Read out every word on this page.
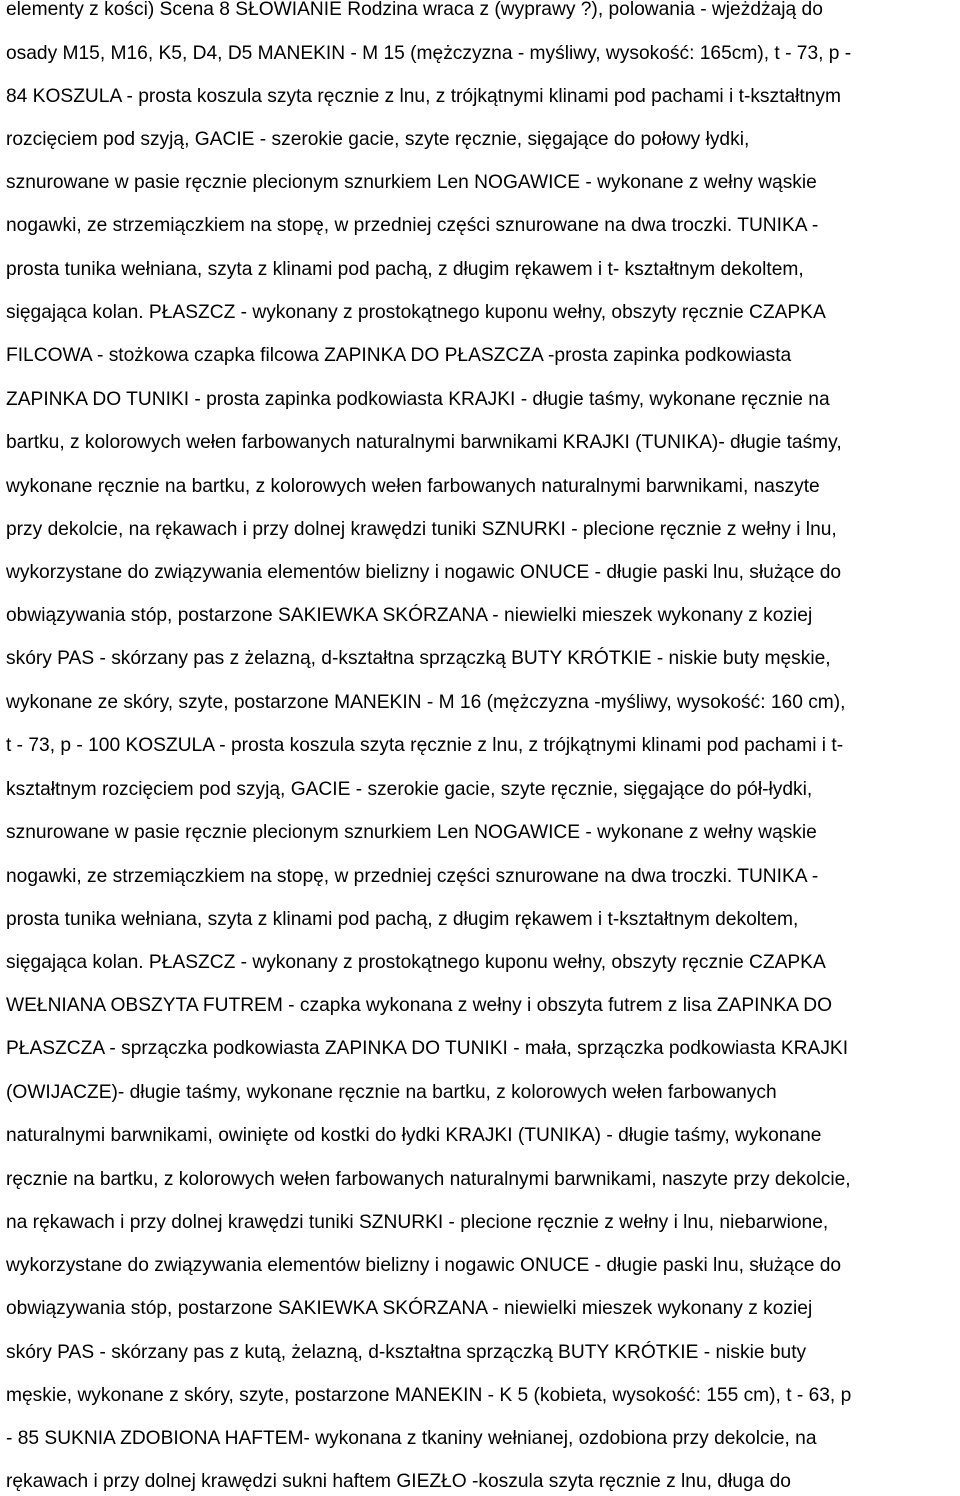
elementy z kości) Scena 8 SŁOWIANIE Rodzina wraca z (wyprawy ?), polowania - wjeżdżają do
osady M15, M16, K5, D4, D5 MANEKIN - M 15 (mężczyzna - myśliwy, wysokość: 165cm), t - 73, p -
84 KOSZULA - prosta koszula szyta ręcznie z lnu, z trójkątnymi klinami pod pachami i t-kształtnym
rozcięciem pod szyją, GACIE - szerokie gacie, szyte ręcznie, sięgające do połowy łydki,
sznurowane w pasie ręcznie plecionym sznurkiem Len NOGAWICE - wykonane z wełny wąskie
nogawki, ze strzemiączkiem na stopę, w przedniej części sznurowane na dwa troczki. TUNIKA -
prosta tunika wełniana, szyta z klinami pod pachą, z długim rękawem i t- kształtnym dekoltem,
sięgająca kolan. PŁASZCZ - wykonany z prostokątnego kuponu wełny, obszyty ręcznie CZAPKA
FILCOWA - stożkowa czapka filcowa ZAPINKA DO PŁASZCZA -prosta zapinka podkowiasta
ZAPINKA DO TUNIKI - prosta zapinka podkowiasta KRAJKI - długie taśmy, wykonane ręcznie na
bartku, z kolorowych wełen farbowanych naturalnymi barwnikami KRAJKI (TUNIKA)- długie taśmy,
wykonane ręcznie na bartku, z kolorowych wełen farbowanych naturalnymi barwnikami, naszyte
przy dekolcie, na rękawach i przy dolnej krawędzi tuniki SZNURKI - plecione ręcznie z wełny i lnu,
wykorzystane do związywania elementów bielizny i nogawic ONUCE - długie paski lnu, służące do
obwiązywania stóp, postarzone SAKIEWKA SKÓRZANA - niewielki mieszek wykonany z koziej
skóry PAS - skórzany pas z żelazną, d-kształtna sprzączką BUTY KRÓTKIE - niskie buty męskie,
wykonane ze skóry, szyte, postarzone MANEKIN - M 16 (mężczyzna -myśliwy, wysokość: 160 cm),
t - 73, p - 100 KOSZULA - prosta koszula szyta ręcznie z lnu, z trójkątnymi klinami pod pachami i t-
kształtnym rozcięciem pod szyją, GACIE - szerokie gacie, szyte ręcznie, sięgające do pół-łydki,
sznurowane w pasie ręcznie plecionym sznurkiem Len NOGAWICE - wykonane z wełny wąskie
nogawki, ze strzemiączkiem na stopę, w przedniej części sznurowane na dwa troczki. TUNIKA -
prosta tunika wełniana, szyta z klinami pod pachą, z długim rękawem i t-kształtnym dekoltem,
sięgająca kolan. PŁASZCZ - wykonany z prostokątnego kuponu wełny, obszyty ręcznie CZAPKA
WEŁNIANA OBSZYTA FUTREM - czapka wykonana z wełny i obszyta futrem z lisa ZAPINKA DO
PŁASZCZA - sprzączka podkowiasta ZAPINKA DO TUNIKI - mała, sprzączka podkowiasta KRAJKI
(OWIJACZE)- długie taśmy, wykonane ręcznie na bartku, z kolorowych wełen farbowanych
naturalnymi barwnikami, owinięte od kostki do łydki KRAJKI (TUNIKA) - długie taśmy, wykonane
ręcznie na bartku, z kolorowych wełen farbowanych naturalnymi barwnikami, naszyte przy dekolcie,
na rękawach i przy dolnej krawędzi tuniki SZNURKI - plecione ręcznie z wełny i lnu, niebarwione,
wykorzystane do związywania elementów bielizny i nogawic ONUCE - długie paski lnu, służące do
obwiązywania stóp, postarzone SAKIEWKA SKÓRZANA - niewielki mieszek wykonany z koziej
skóry PAS - skórzany pas z kutą, żelazną, d-kształtna sprzączką BUTY KRÓTKIE - niskie buty
męskie, wykonane z skóry, szyte, postarzone MANEKIN - K 5 (kobieta, wysokość: 155 cm), t - 63, p
- 85 SUKNIA ZDOBIONA HAFTEM- wykonana z tkaniny wełnianej, ozdobiona przy dekolcie, na
rękawach i przy dolnej krawędzi sukni haftem GIEZŁO -koszula szyta ręcznie z lnu, długa do
